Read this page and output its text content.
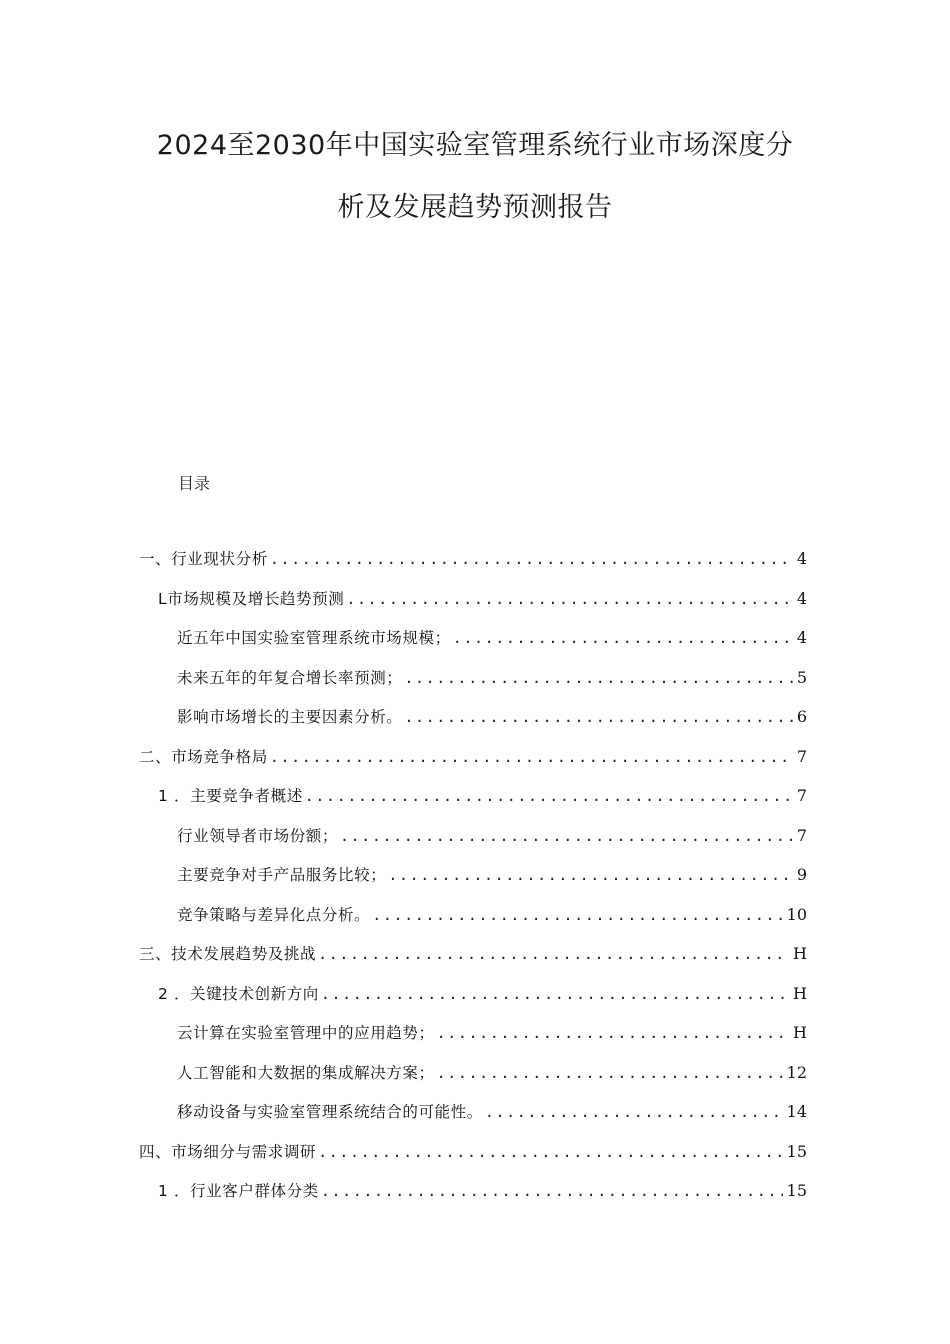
2024至2030年中国实验室管理系统行业市场深度分
析及发展趋势预测报告
目录
一、行业现状分析 .....	4
L市场规模及增长趋势预测 .....	4
近五年中国实验室管理系统市场规模； .....	4
未来五年的年复合增长率预测； .....	5
影响市场增长的主要因素分析。 .....	6
二、市场竞争格局 .....	7
1 ．主要竞争者概述 .....	7
行业领导者市场份额； .....	7
主要竞争对手产品服务比较； .....	9
竞争策略与差异化点分析。 .....	10
三、技术发展趋势及挑战 .....	H
2 ．关键技术创新方向 .....	H
云计算在实验室管理中的应用趋势； .....	H
人工智能和大数据的集成解决方案； .....	12
移动设备与实验室管理系统结合的可能性。 .....	14
四、市场细分与需求调研 .....	15
1 ．行业客户群体分类 .....	15
